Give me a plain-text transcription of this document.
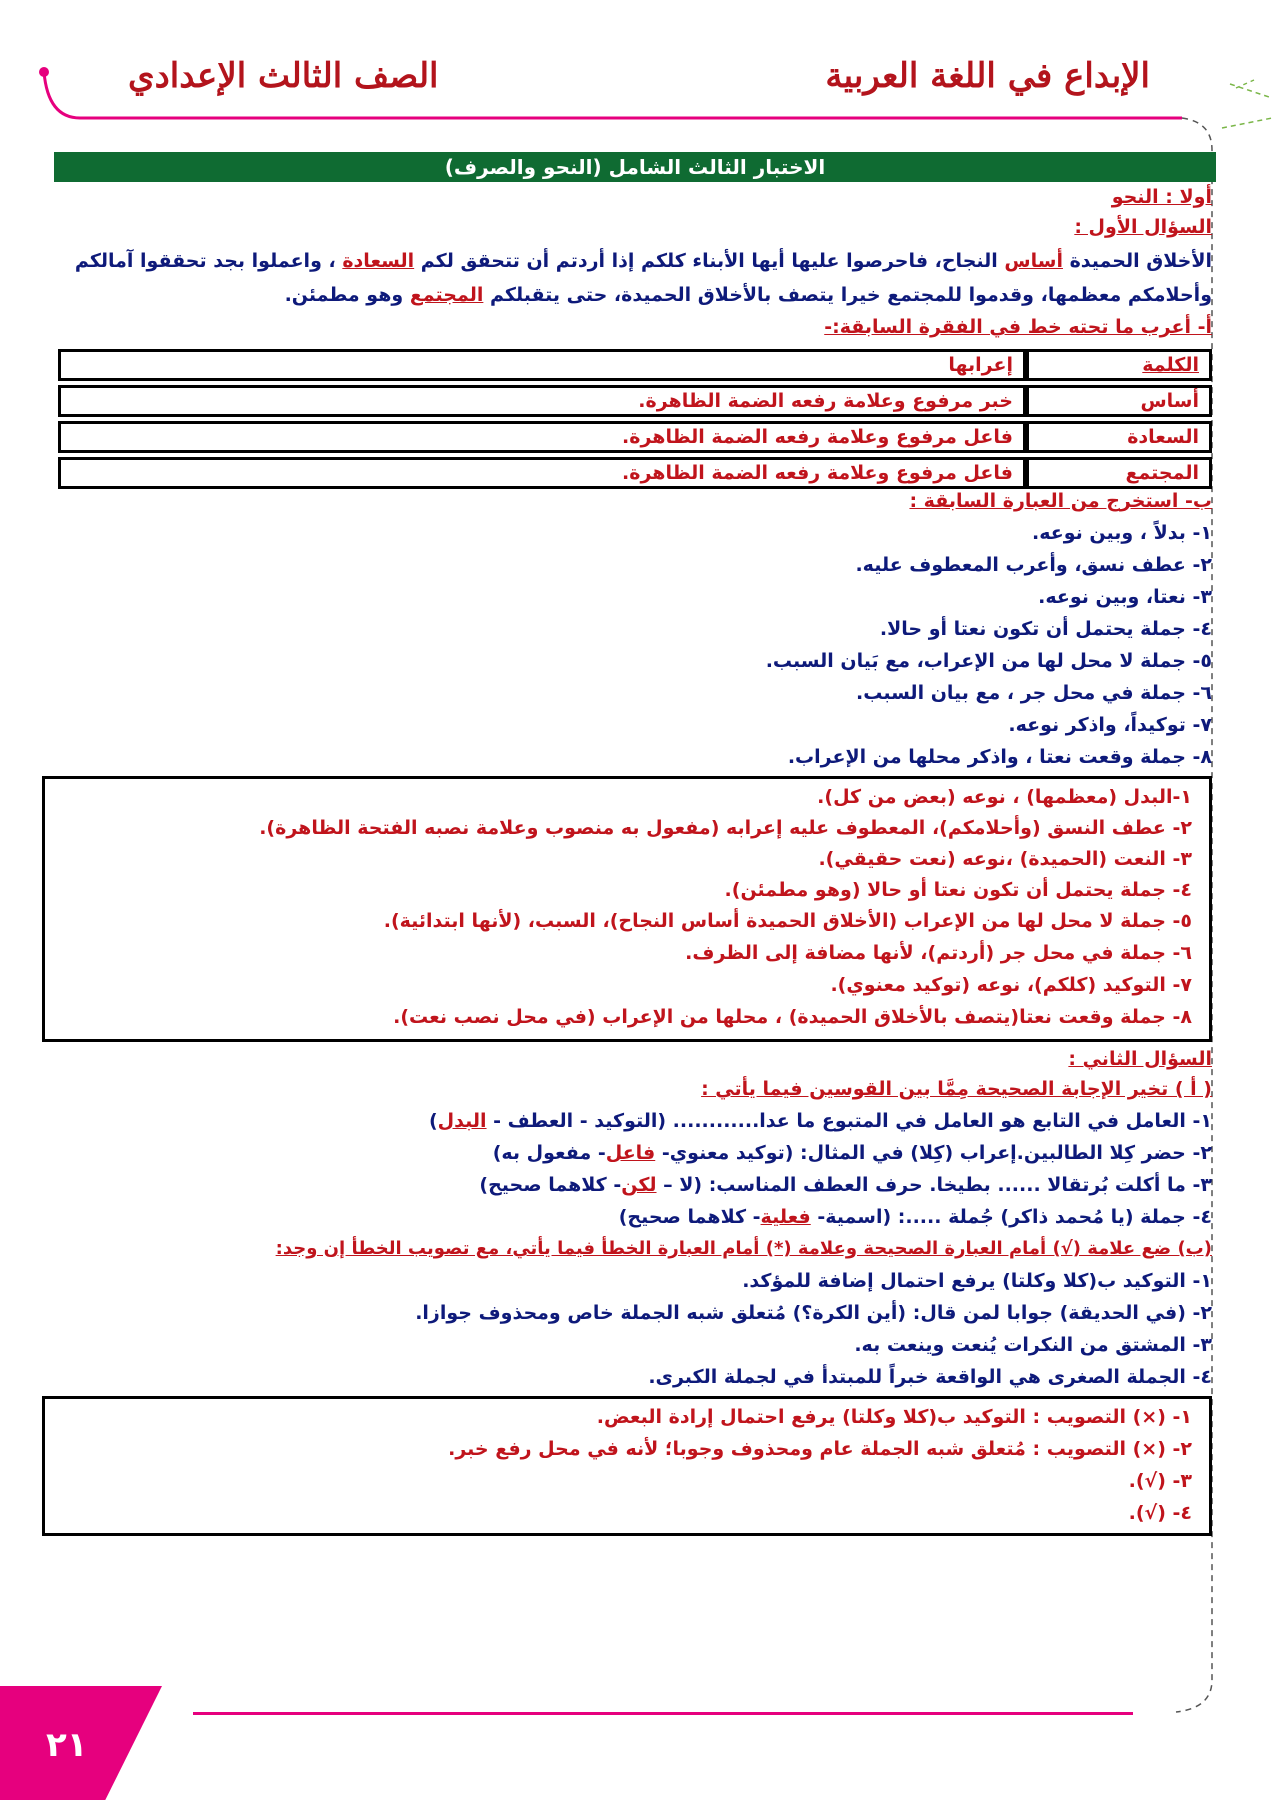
الإبداع في اللغة العربية
الصف الثالث الإعدادي
الاختبار الثالث الشامل (النحو والصرف)
أولا : النحو
السؤال الأول :
الأخلاق الحميدة أساس النجاح، فاحرصوا عليها أيها الأبناء كلكم إذا أردتم أن تتحقق لكم السعادة ، واعملوا بجد تحققوا آمالكم
وأحلامكم معظمها، وقدموا للمجتمع خيرا يتصف بالأخلاق الحميدة، حتى يتقبلكم المجتمع وهو مطمئن.
أ- أعرب ما تحته خط في الفقرة السابقة:-
الكلمة	إعرابها
أساس	خبر مرفوع وعلامة رفعه الضمة الظاهرة.
السعادة	فاعل مرفوع وعلامة رفعه الضمة الظاهرة.
المجتمع	فاعل مرفوع وعلامة رفعه الضمة الظاهرة.
ب- استخرج من العبارة السابقة :
١- بدلاً ، وبين نوعه.
٢- عطف نسق، وأعرب المعطوف عليه.
٣- نعتا، وبين نوعه.
٤- جملة يحتمل أن تكون نعتا أو حالا.
٥- جملة لا محل لها من الإعراب، مع بَيان السبب.
٦- جملة في محل جر ، مع بيان السبب.
٧- توكيداً، واذكر نوعه.
٨- جملة وقعت نعتا ، واذكر محلها من الإعراب.
١-البدل (معظمها) ، نوعه (بعض من كل).
٢- عطف النسق (وأحلامكم)، المعطوف عليه إعرابه (مفعول به منصوب وعلامة نصبه الفتحة الظاهرة).
٣- النعت (الحميدة) ،نوعه (نعت حقيقي).
٤- جملة يحتمل أن تكون نعتا أو حالا (وهو مطمئن).
٥- جملة لا محل لها من الإعراب (الأخلاق الحميدة أساس النجاح)، السبب، (لأنها ابتدائية).
٦- جملة في محل جر (أردتم)، لأنها مضافة إلى الظرف.
٧- التوكيد (كلكم)، نوعه (توكيد معنوي).
٨- جملة وقعت نعتا(يتصف بالأخلاق الحميدة) ، محلها من الإعراب (في محل نصب نعت).
السؤال الثاني :
( أ ) تخير الإجابة الصحيحة مِمَّا بين القوسين فيما يأتي :
١- العامل في التابع هو العامل في المتبوع ما عدا............ (التوكيد - العطف - البدل)
٢- حضر كِلا الطالبين.إعراب (كِلا) في المثال: (توكيد معنوي- فاعل- مفعول به)
٣- ما أكلت بُرتقالا ...... بطيخا. حرف العطف المناسب: (لا – لكن- كلاهما صحيح)
٤- جملة (يا مُحمد ذاكر) جُملة .....: (اسمية- فعلية- كلاهما صحيح)
(ب) ضع علامة (√) أمام العبارة الصحيحة وعلامة (*) أمام العبارة الخطأ فيما يأتي، مع تصويب الخطأ إن وجد:
١- التوكيد ب(كلا وكلتا) يرفع احتمال إضافة للمؤكد.
٢- (في الحديقة) جوابا لمن قال: (أين الكرة؟) مُتعلق شبه الجملة خاص ومحذوف جوازا.
٣- المشتق من النكرات يُنعت وينعت به.
٤- الجملة الصغرى هي الواقعة خبراً للمبتدأ في لجملة الكبرى.
١- (×) التصويب : التوكيد ب(كلا وكلتا) يرفع احتمال إرادة البعض.
٢- (×) التصويب : مُتعلق شبه الجملة عام ومحذوف وجوبا؛ لأنه في محل رفع خبر.
٣- (√).
٤- (√).
٢١
